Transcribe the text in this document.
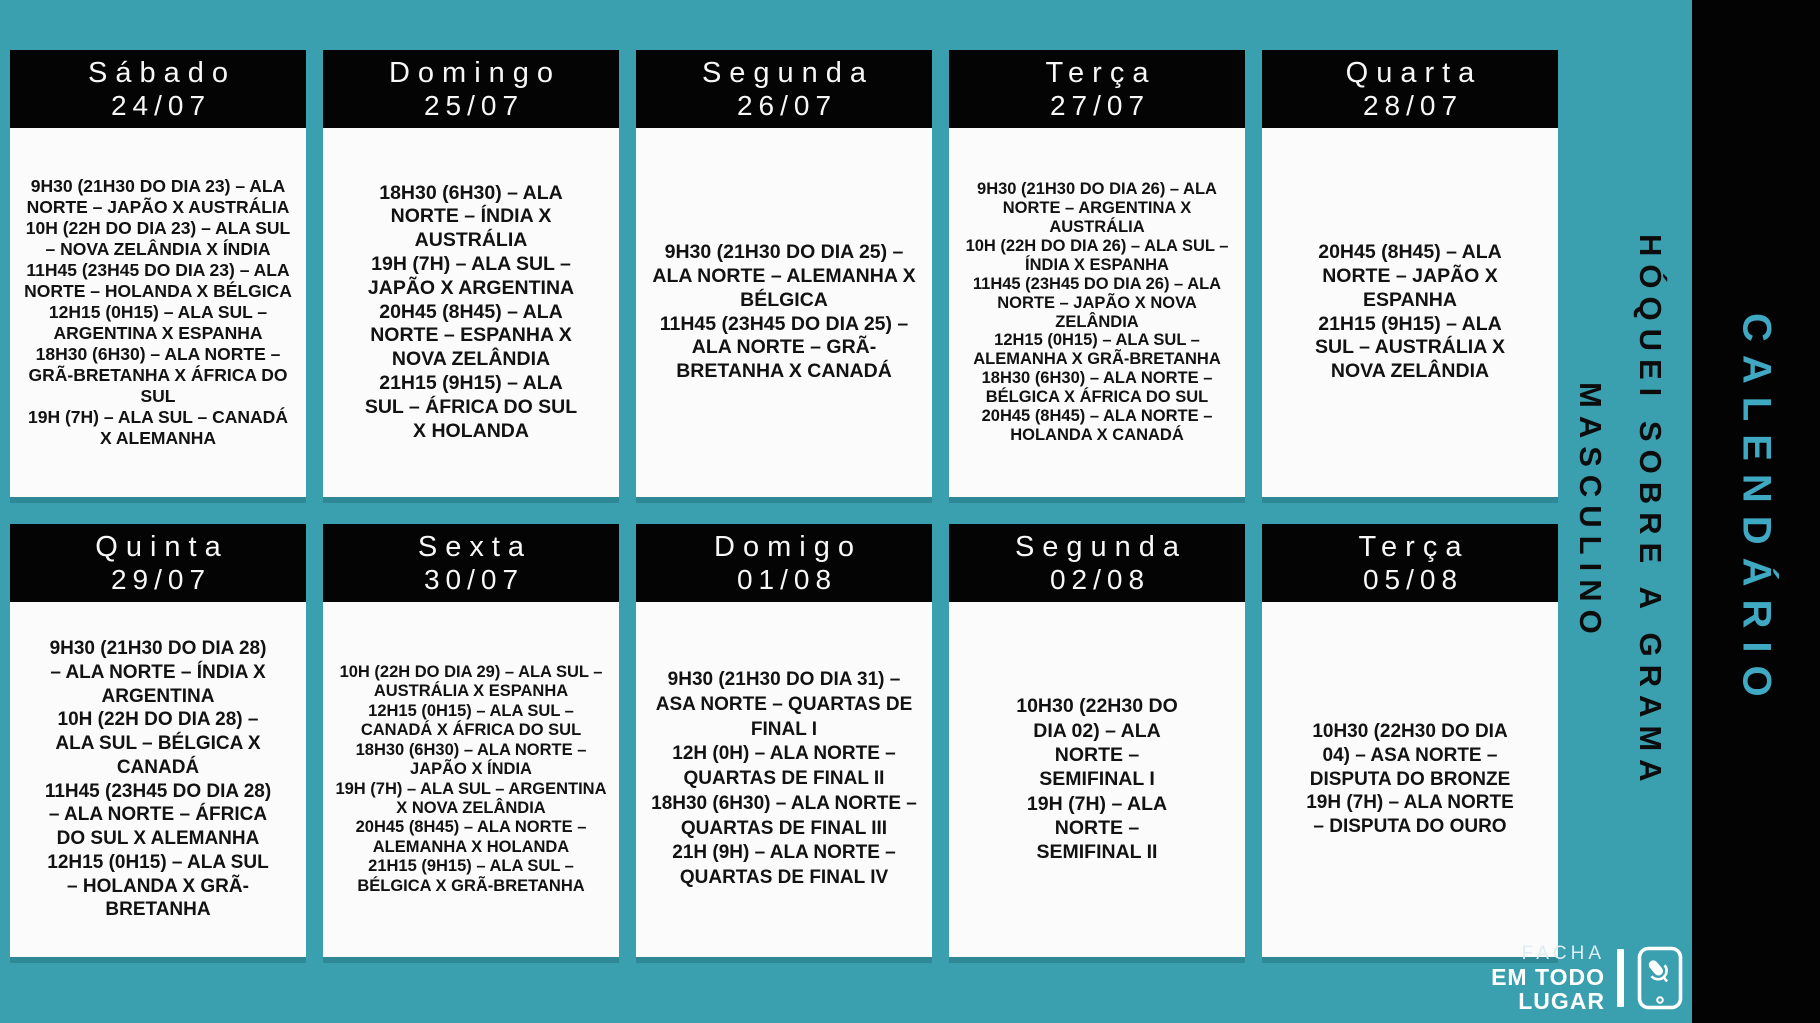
Sábado
24/07
9H30 (21H30 DO DIA 23) – ALA NORTE – JAPÃO X AUSTRÁLIA
10H (22H DO DIA 23) – ALA SUL – NOVA ZELÂNDIA X ÍNDIA
11H45 (23H45 DO DIA 23) – ALA NORTE – HOLANDA X BÉLGICA
12H15 (0H15) – ALA SUL – ARGENTINA X ESPANHA
18H30 (6H30) – ALA NORTE – GRÃ-BRETANHA X ÁFRICA DO SUL
19H (7H) – ALA SUL – CANADÁ X ALEMANHA
Domingo
25/07
18H30 (6H30) – ALA NORTE – ÍNDIA X AUSTRÁLIA
19H (7H) – ALA SUL – JAPÃO X ARGENTINA
20H45 (8H45) – ALA NORTE – ESPANHA X NOVA ZELÂNDIA
21H15 (9H15) – ALA SUL – ÁFRICA DO SUL X HOLANDA
Segunda
26/07
9H30 (21H30 DO DIA 25) – ALA NORTE – ALEMANHA X BÉLGICA
11H45 (23H45 DO DIA 25) – ALA NORTE – GRÃ-BRETANHA X CANADÁ
Terça
27/07
9H30 (21H30 DO DIA 26) – ALA NORTE – ARGENTINA X AUSTRÁLIA
10H (22H DO DIA 26) – ALA SUL – ÍNDIA X ESPANHA
11H45 (23H45 DO DIA 26) – ALA NORTE – JAPÃO X NOVA ZELÂNDIA
12H15 (0H15) – ALA SUL – ALEMANHA X GRÃ-BRETANHA
18H30 (6H30) – ALA NORTE – BÉLGICA X ÁFRICA DO SUL
20H45 (8H45) – ALA NORTE – HOLANDA X CANADÁ
Quarta
28/07
20H45 (8H45) – ALA NORTE – JAPÃO X ESPANHA
21H15 (9H15) – ALA SUL – AUSTRÁLIA X NOVA ZELÂNDIA
Quinta
29/07
9H30 (21H30 DO DIA 28) – ALA NORTE – ÍNDIA X ARGENTINA
10H (22H DO DIA 28) – ALA SUL – BÉLGICA X CANADÁ
11H45 (23H45 DO DIA 28) – ALA NORTE – ÁFRICA DO SUL X ALEMANHA
12H15 (0H15) – ALA SUL – HOLANDA X GRÃ-BRETANHA
Sexta
30/07
10H (22H DO DIA 29) – ALA SUL – AUSTRÁLIA X ESPANHA
12H15 (0H15) – ALA SUL – CANADÁ X ÁFRICA DO SUL
18H30 (6H30) – ALA NORTE – JAPÃO X ÍNDIA
19H (7H) – ALA SUL – ARGENTINA X NOVA ZELÂNDIA
20H45 (8H45) – ALA NORTE – ALEMANHA X HOLANDA
21H15 (9H15) – ALA SUL – BÉLGICA X GRÃ-BRETANHA
Domigo
01/08
9H30 (21H30 DO DIA 31) – ASA NORTE – QUARTAS DE FINAL I
12H (0H) – ALA NORTE – QUARTAS DE FINAL II
18H30 (6H30) – ALA NORTE – QUARTAS DE FINAL III
21H (9H) – ALA NORTE – QUARTAS DE FINAL IV
Segunda
02/08
10H30 (22H30 DO DIA 02) – ALA NORTE – SEMIFINAL I
19H (7H) – ALA NORTE – SEMIFINAL II
Terça
05/08
10H30 (22H30 DO DIA 04) – ASA NORTE – DISPUTA DO BRONZE
19H (7H) – ALA NORTE – DISPUTA DO OURO
HÓQUEI SOBRE A GRAMA
MASCULINO	CALENDÁRIO
FACHA
EM TODO
LUGAR
